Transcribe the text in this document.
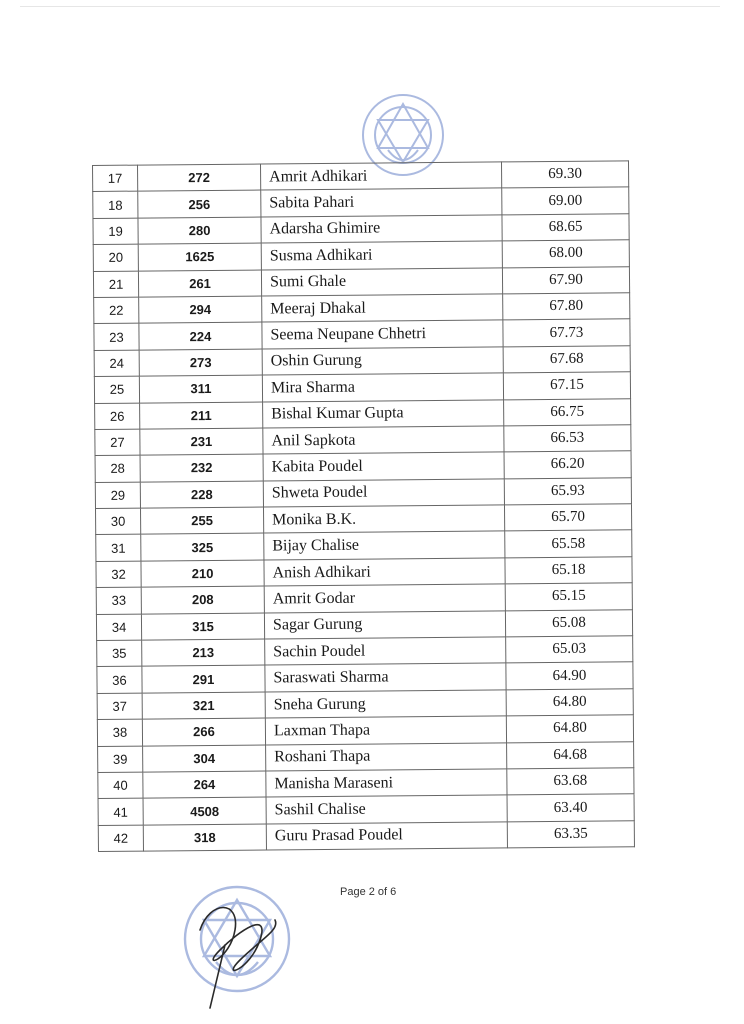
17	272	Amrit Adhikari	69.30
18	256	Sabita Pahari	69.00
19	280	Adarsha Ghimire	68.65
20	1625	Susma Adhikari	68.00
21	261	Sumi Ghale	67.90
22	294	Meeraj Dhakal	67.80
23	224	Seema Neupane Chhetri	67.73
24	273	Oshin Gurung	67.68
25	311	Mira Sharma	67.15
26	211	Bishal Kumar Gupta	66.75
27	231	Anil Sapkota	66.53
28	232	Kabita Poudel	66.20
29	228	Shweta Poudel	65.93
30	255	Monika B.K.	65.70
31	325	Bijay Chalise	65.58
32	210	Anish Adhikari	65.18
33	208	Amrit Godar	65.15
34	315	Sagar Gurung	65.08
35	213	Sachin Poudel	65.03
36	291	Saraswati Sharma	64.90
37	321	Sneha Gurung	64.80
38	266	Laxman Thapa	64.80
39	304	Roshani Thapa	64.68
40	264	Manisha Maraseni	63.68
41	4508	Sashil Chalise	63.40
42	318	Guru Prasad Poudel	63.35
Page 2 of 6
